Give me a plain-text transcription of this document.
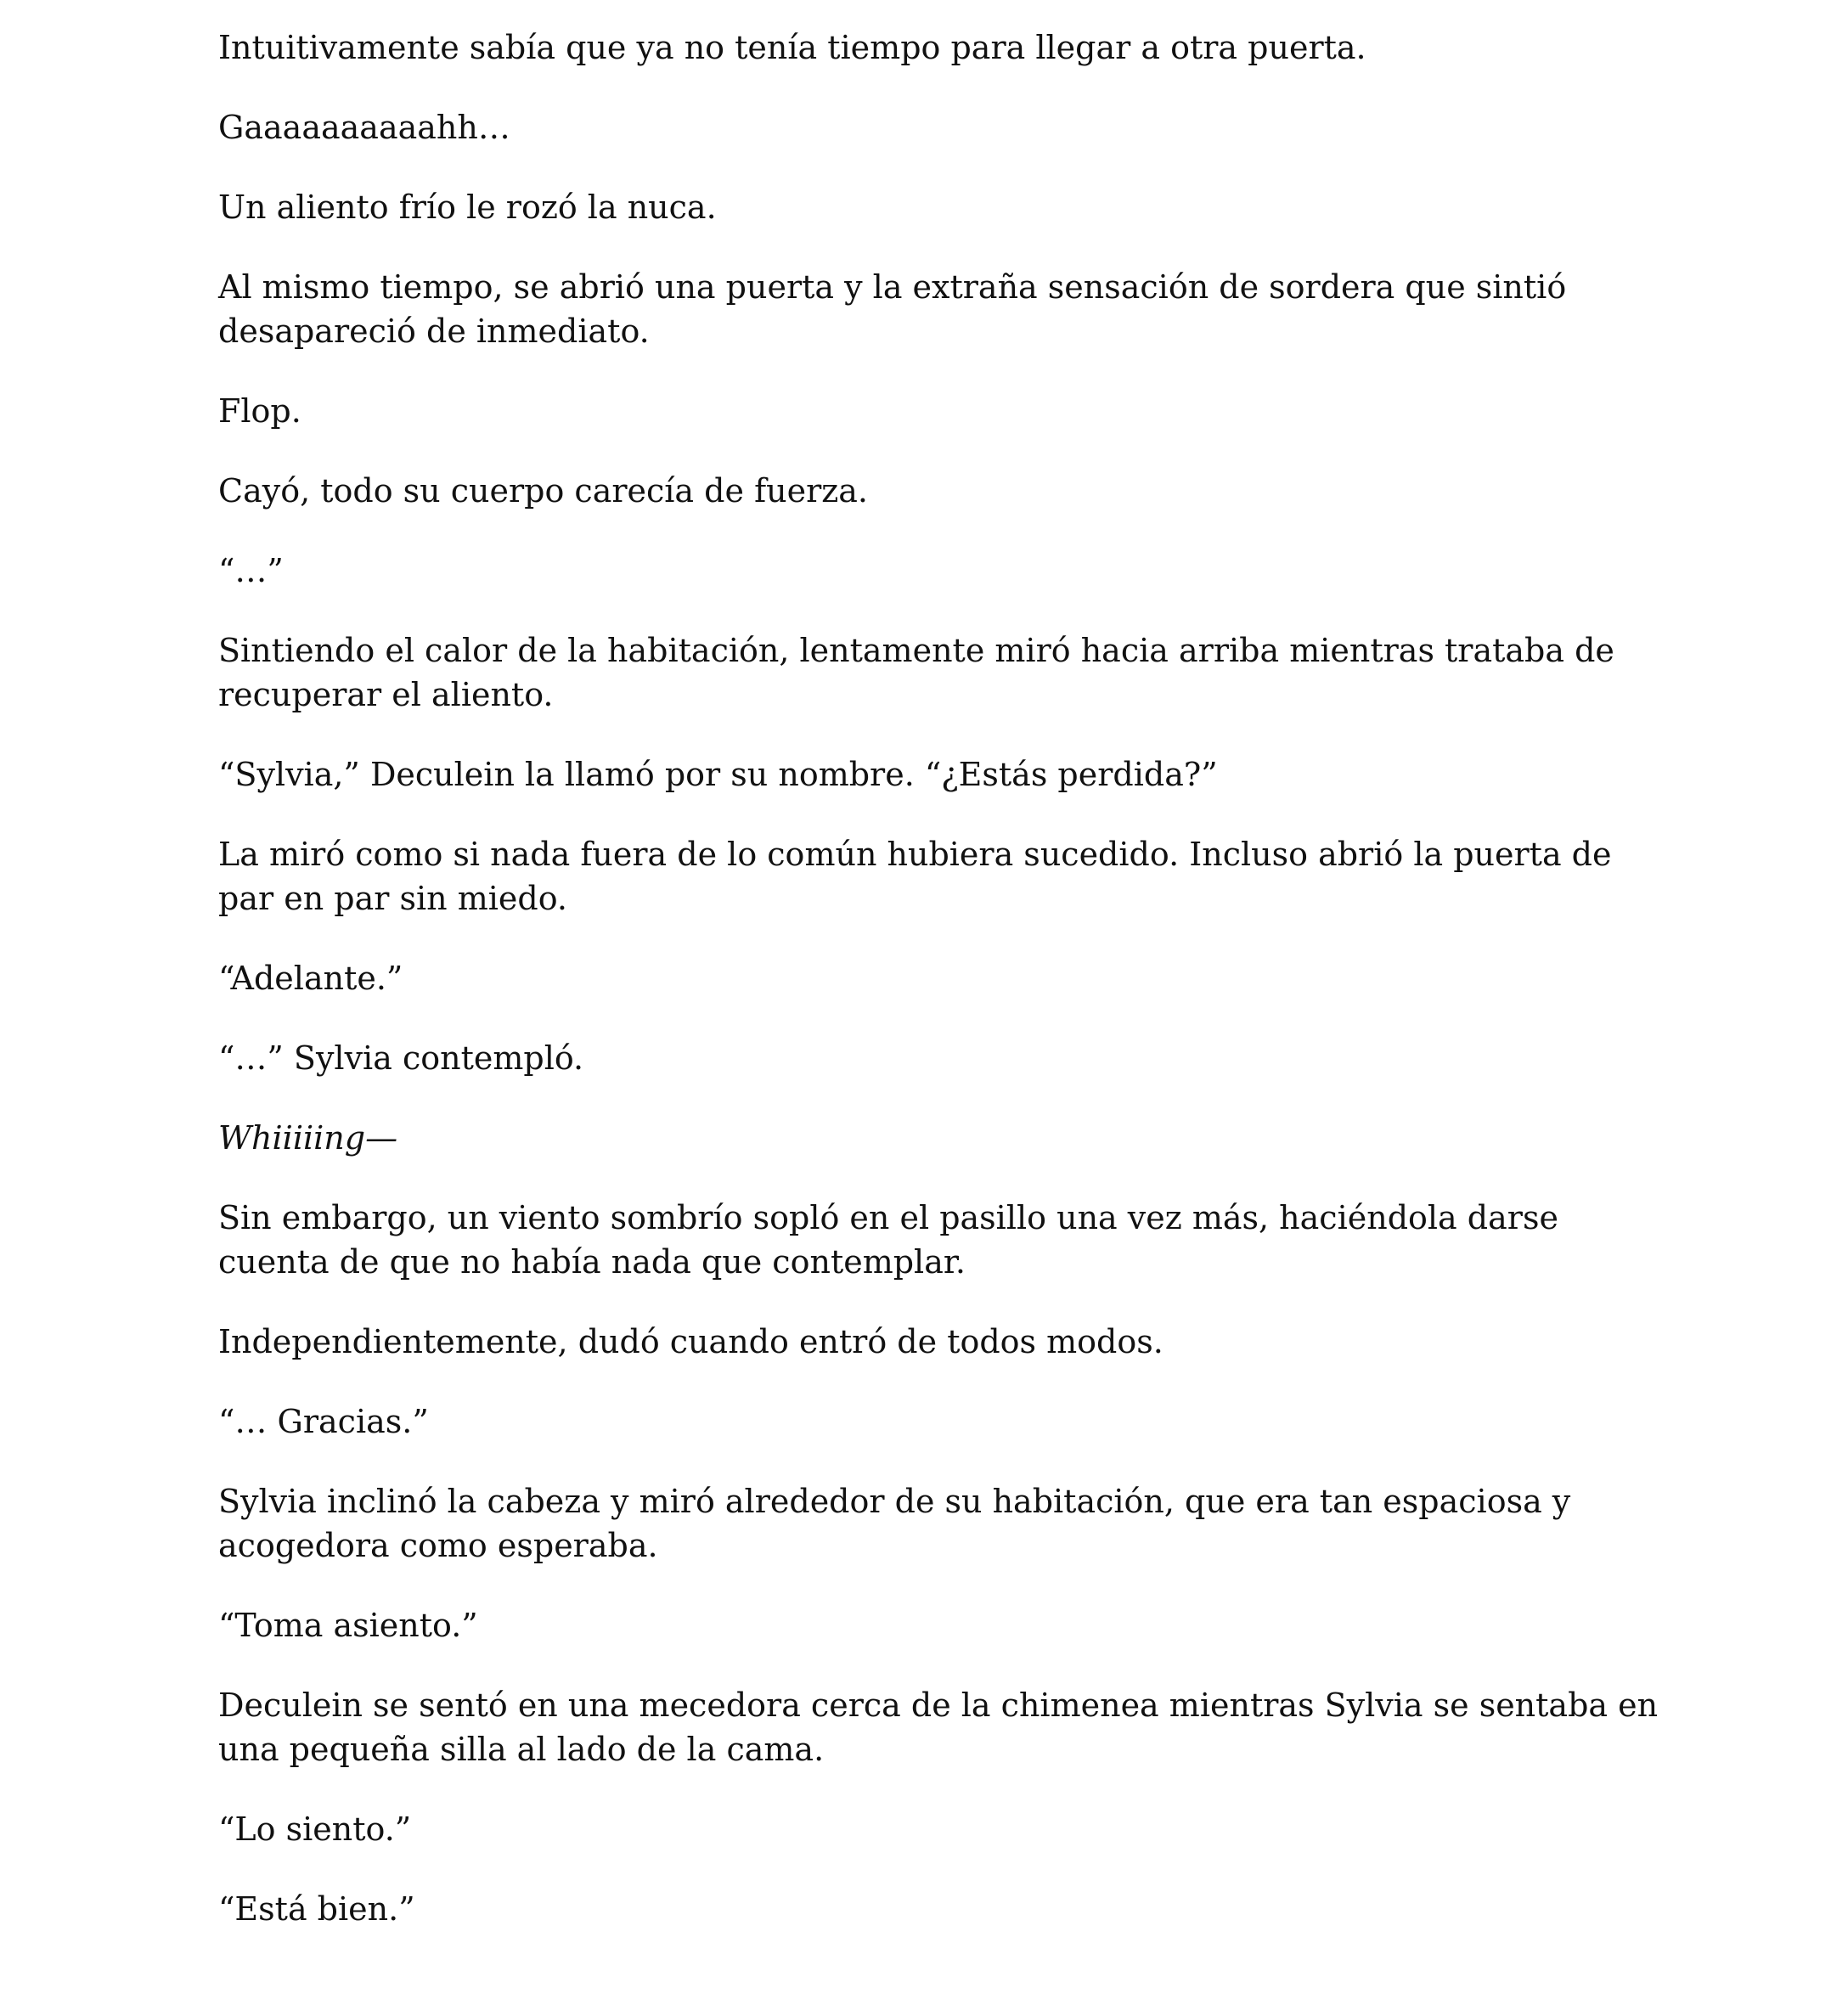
Intuitivamente sabía que ya no tenía tiempo para llegar a otra puerta.

Gaaaaaaaaaahh…

Un aliento frío le rozó la nuca.

Al mismo tiempo, se abrió una puerta y la extraña sensación de sordera que sintió desapareció de inmediato.

Flop.

Cayó, todo su cuerpo carecía de fuerza.

“…”

Sintiendo el calor de la habitación, lentamente miró hacia arriba mientras trataba de recuperar el aliento.

“Sylvia,” Deculein la llamó por su nombre. “¿Estás perdida?”

La miró como si nada fuera de lo común hubiera sucedido. Incluso abrió la puerta de par en par sin miedo.

“Adelante.”

“…” Sylvia contempló.

Whiiiiing—

Sin embargo, un viento sombrío sopló en el pasillo una vez más, haciéndola darse cuenta de que no había nada que contemplar.

Independientemente, dudó cuando entró de todos modos.

“… Gracias.”

Sylvia inclinó la cabeza y miró alrededor de su habitación, que era tan espaciosa y acogedora como esperaba.

“Toma asiento.”

Deculein se sentó en una mecedora cerca de la chimenea mientras Sylvia se sentaba en una pequeña silla al lado de la cama.

“Lo siento.”

“Está bien.”
